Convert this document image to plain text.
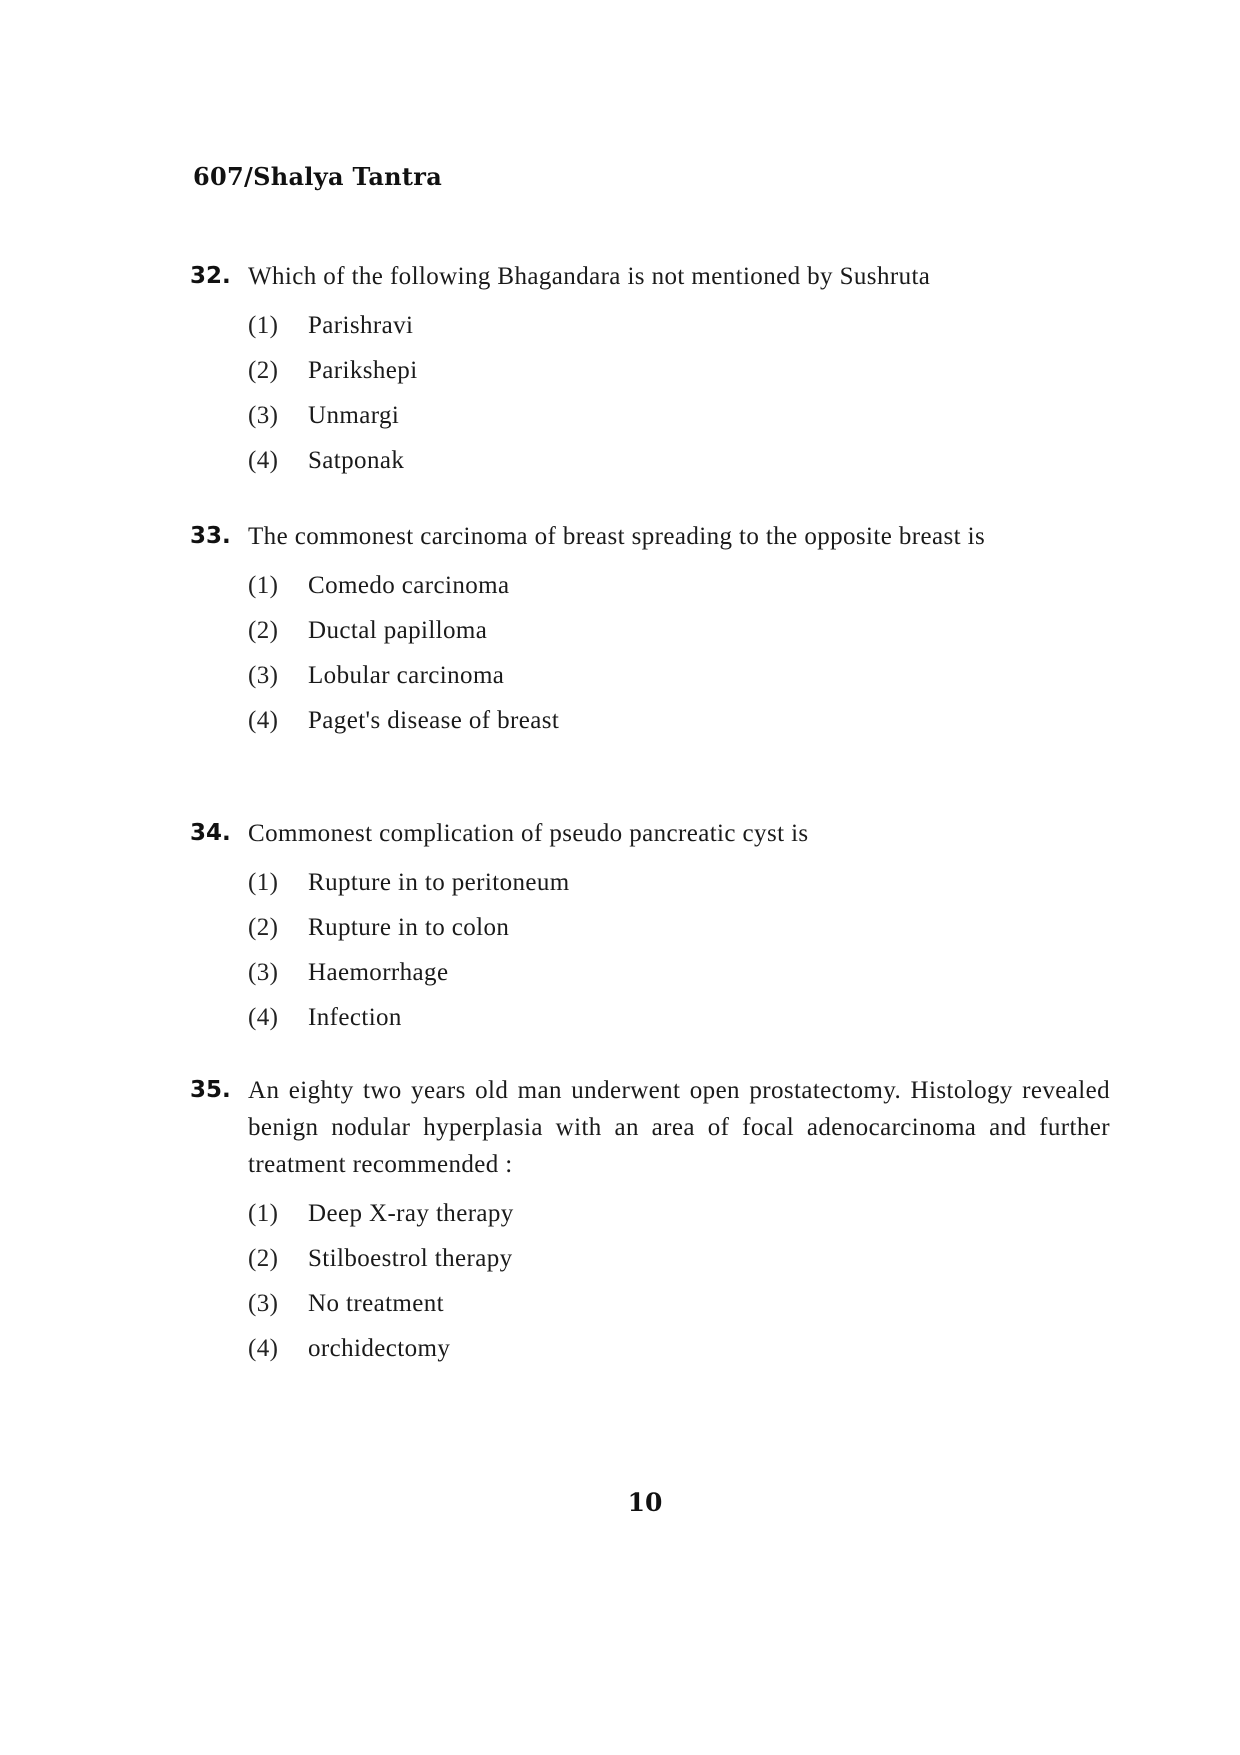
607/Shalya Tantra
32. Which of the following Bhagandara is not mentioned by Sushruta
(1)	Parishravi
(2)	Parikshepi
(3)	Unmargi
(4)	Satponak
33. The commonest carcinoma of breast spreading to the opposite breast is
(1)	Comedo carcinoma
(2)	Ductal papilloma
(3)	Lobular carcinoma
(4)	Paget's disease of breast
34. Commonest complication of pseudo pancreatic cyst is
(1)	Rupture in to peritoneum
(2)	Rupture in to colon
(3)	Haemorrhage
(4)	Infection
35. An eighty two years old man underwent open prostatectomy. Histology revealed benign nodular hyperplasia with an area of focal adenocarcinoma and further treatment recommended :
(1)	Deep X-ray therapy
(2)	Stilboestrol therapy
(3)	No treatment
(4)	orchidectomy
10
